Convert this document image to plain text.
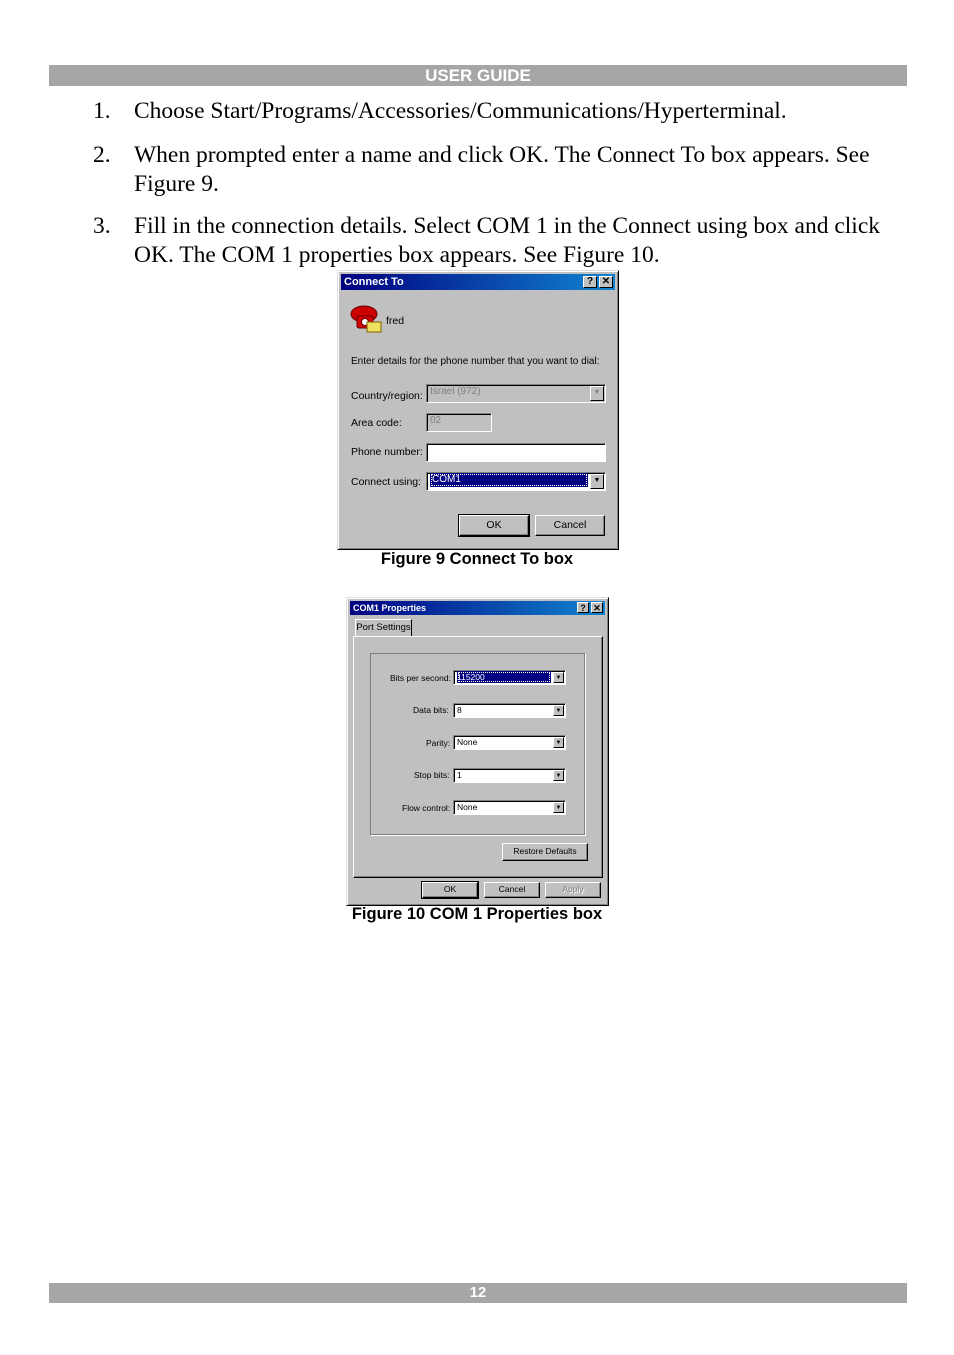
USER GUIDE
1. Choose Start/Programs/Accessories/Communications/Hyperterminal.
2. When prompted enter a name and click OK. The Connect To box appears. See Figure 9.
3. Fill in the connection details. Select COM 1 in the Connect using box and click OK. The COM 1 properties box appears. See Figure 10.
Connect To	? ✕
fred
Enter details for the phone number that you want to dial:
Country/region: Israel (972)	▼
Area code:	02
Phone number:
Connect using:	COM1	▼
OK	Cancel
Figure 9 Connect To box
COM1 Properties	? ✕
Port Settings
Bits per second: 115200	▼
Data bits: 8	▼
Parity: None	▼
Stop bits: 1	▼
Flow control: None	▼
Restore Defaults
OK	Cancel	Apply
Figure 10 COM 1 Properties box
12
